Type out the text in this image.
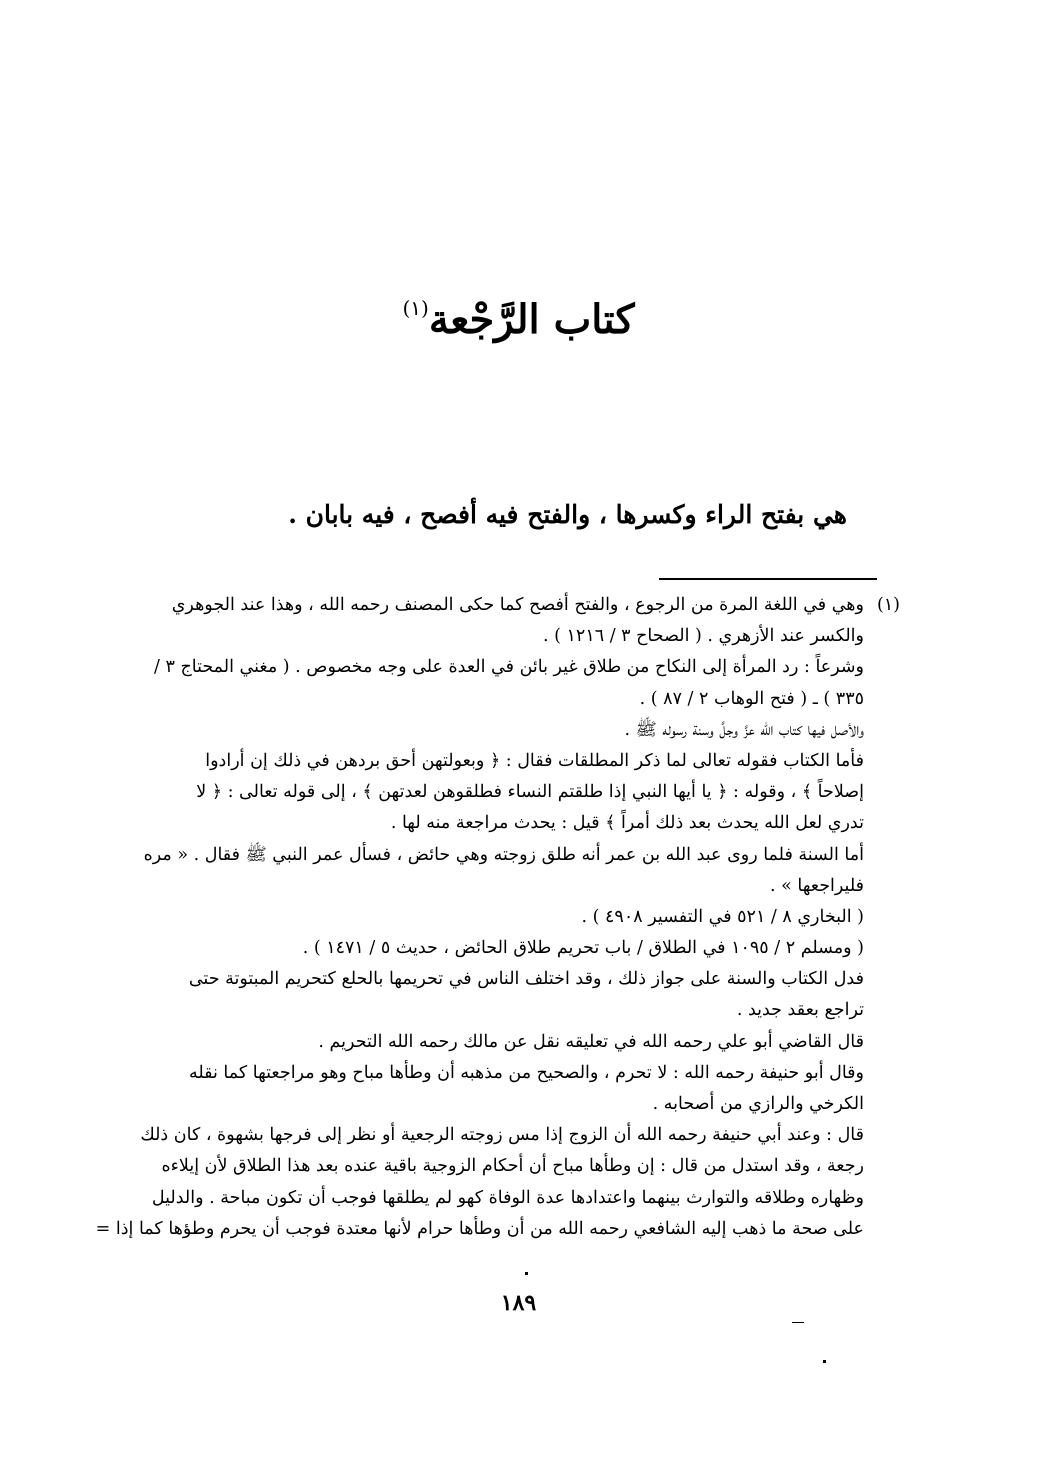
كتاب الرَّجْعة$^{(١)}$
هي بفتح الراء وكسرها ، والفتح فيه أفصح ، فيه بابان .
(١)وهي في اللغة المرة من الرجوع ، والفتح أفصح كما حكى المصنف رحمه الله ، وهذا عند الجوهري
والكسر عند الأزهري . ( الصحاح ٣ / ١٢١٦ ) .
وشرعاً : رد المرأة إلى النكاح من طلاق غير بائن في العدة على وجه مخصوص . ( مغني المحتاج ٣ /
٣٣٥ ) ـ ( فتح الوهاب ٢ / ٨٧ ) .
والأصل فيها كتاب الله عزَّ وجلَّ وسنة رسوله ﷺ .
فأما الكتاب فقوله تعالى لما ذكر المطلقات فقال : ﴿ وبعولتهن أحق بردهن في ذلك إن أرادوا
إصلاحاً ﴾ ، وقوله : ﴿ يا أيها النبي إذا طلقتم النساء فطلقوهن لعدتهن ﴾ ، إلى قوله تعالى : ﴿ لا
تدري لعل الله يحدث بعد ذلك أمراً ﴾ قيل : يحدث مراجعة منه لها .
أما السنة فلما روى عبد الله بن عمر أنه طلق زوجته وهي حائض ، فسأل عمر النبي ﷺ فقال . « مره
فليراجعها » .
( البخاري ٨ / ٥٢١ في التفسير ٤٩٠٨ ) .
( ومسلم ٢ / ١٠٩٥ في الطلاق / باب تحريم طلاق الحائض ، حديث ٥ / ١٤٧١ ) .
فدل الكتاب والسنة على جواز ذلك ، وقد اختلف الناس في تحريمها بالحلع كتحريم المبتوتة حتى
تراجع بعقد جديد .
قال القاضي أبو علي رحمه الله في تعليقه نقل عن مالك رحمه الله التحريم .
وقال أبو حنيفة رحمه الله : لا تحرم ، والصحيح من مذهبه أن وطأها مباح وهو مراجعتها كما نقله
الكرخي والرازي من أصحابه .
قال : وعند أبي حنيفة رحمه الله أن الزوج إذا مس زوجته الرجعية أو نظر إلى فرجها بشهوة ، كان ذلك
رجعة ، وقد استدل من قال : إن وطأها مباح أن أحكام الزوجية باقية عنده بعد هذا الطلاق لأن إيلاءه
وظهاره وطلاقه والتوارث بينهما واعتدادها عدة الوفاة كهو لم يطلقها فوجب أن تكون مباحة . والدليل
على صحة ما ذهب إليه الشافعي رحمه الله من أن وطأها حرام لأنها معتدة فوجب أن يحرم وطؤها كما إذا =
١٨٩
